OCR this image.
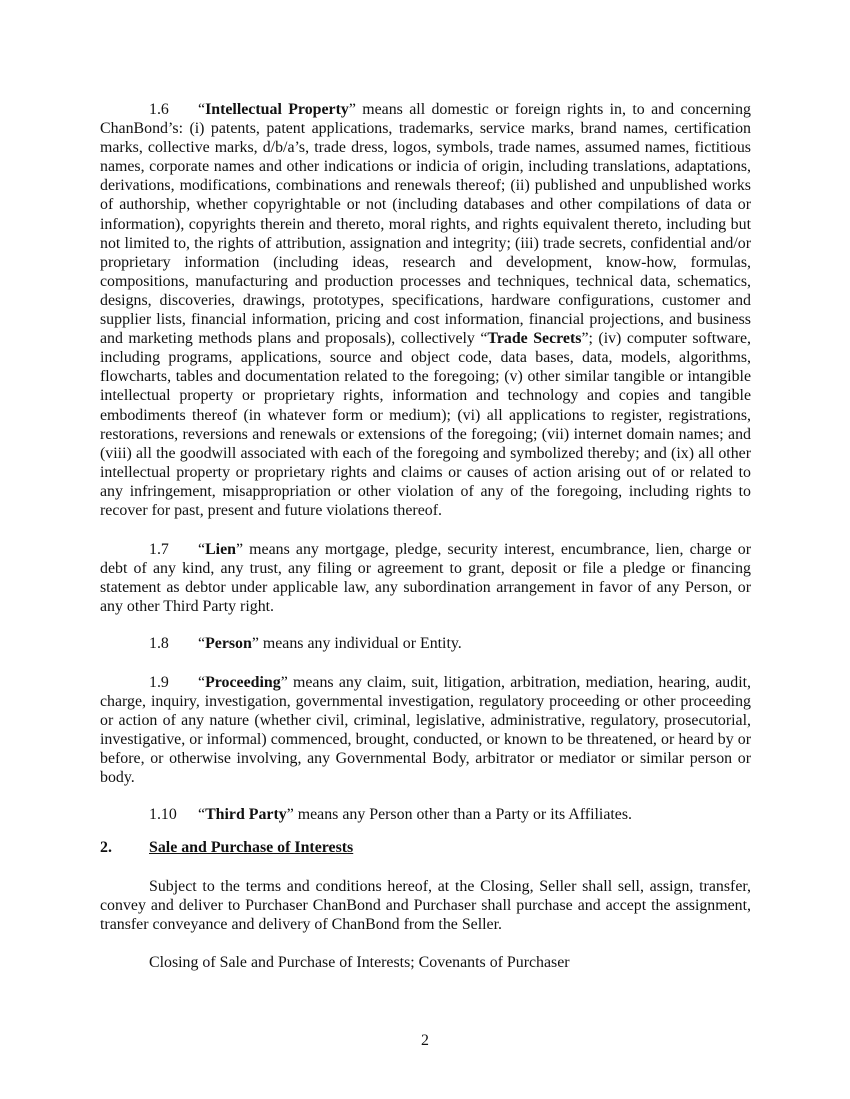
1.6 “Intellectual Property” means all domestic or foreign rights in, to and concerning ChanBond’s: (i) patents, patent applications, trademarks, service marks, brand names, certification marks, collective marks, d/b/a’s, trade dress, logos, symbols, trade names, assumed names, fictitious names, corporate names and other indications or indicia of origin, including translations, adaptations, derivations, modifications, combinations and renewals thereof; (ii) published and unpublished works of authorship, whether copyrightable or not (including databases and other compilations of data or information), copyrights therein and thereto, moral rights, and rights equivalent thereto, including but not limited to, the rights of attribution, assignation and integrity; (iii) trade secrets, confidential and/or proprietary information (including ideas, research and development, know-how, formulas, compositions, manufacturing and production processes and techniques, technical data, schematics, designs, discoveries, drawings, prototypes, specifications, hardware configurations, customer and supplier lists, financial information, pricing and cost information, financial projections, and business and marketing methods plans and proposals), collectively “Trade Secrets”; (iv) computer software, including programs, applications, source and object code, data bases, data, models, algorithms, flowcharts, tables and documentation related to the foregoing; (v) other similar tangible or intangible intellectual property or proprietary rights, information and technology and copies and tangible embodiments thereof (in whatever form or medium); (vi) all applications to register, registrations, restorations, reversions and renewals or extensions of the foregoing; (vii) internet domain names; and (viii) all the goodwill associated with each of the foregoing and symbolized thereby; and (ix) all other intellectual property or proprietary rights and claims or causes of action arising out of or related to any infringement, misappropriation or other violation of any of the foregoing, including rights to recover for past, present and future violations thereof.

1.7 “Lien” means any mortgage, pledge, security interest, encumbrance, lien, charge or debt of any kind, any trust, any filing or agreement to grant, deposit or file a pledge or financing statement as debtor under applicable law, any subordination arrangement in favor of any Person, or any other Third Party right.

1.8 “Person” means any individual or Entity.

1.9 “Proceeding” means any claim, suit, litigation, arbitration, mediation, hearing, audit, charge, inquiry, investigation, governmental investigation, regulatory proceeding or other proceeding or action of any nature (whether civil, criminal, legislative, administrative, regulatory, prosecutorial, investigative, or informal) commenced, brought, conducted, or known to be threatened, or heard by or before, or otherwise involving, any Governmental Body, arbitrator or mediator or similar person or body.

1.10 “Third Party” means any Person other than a Party or its Affiliates.

2. Sale and Purchase of Interests

Subject to the terms and conditions hereof, at the Closing, Seller shall sell, assign, transfer, convey and deliver to Purchaser ChanBond and Purchaser shall purchase and accept the assignment, transfer conveyance and delivery of ChanBond from the Seller.

Closing of Sale and Purchase of Interests; Covenants of Purchaser

2
